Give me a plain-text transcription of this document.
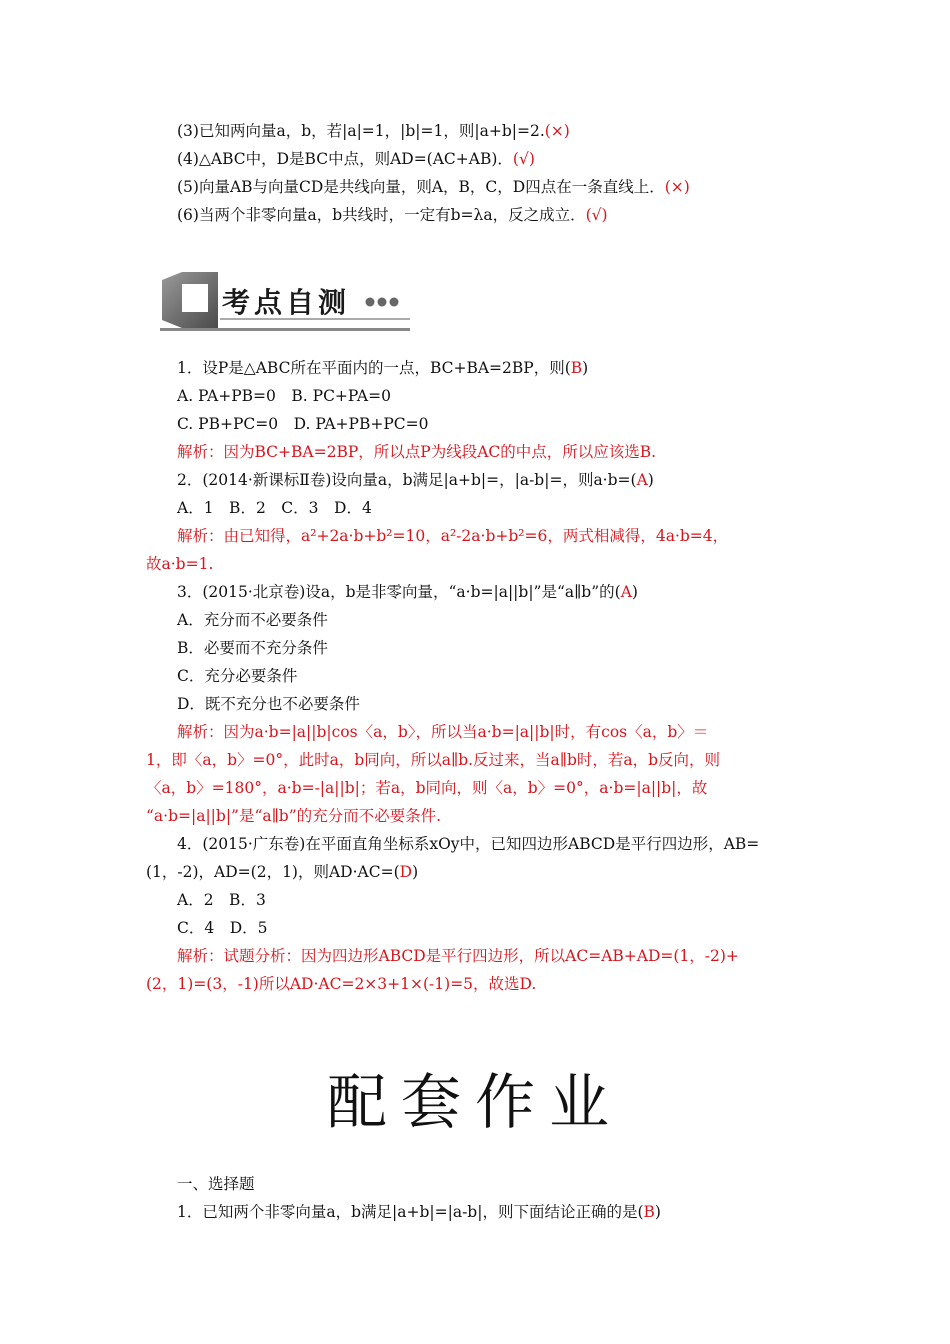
(3)已知两向量a，b，若|a|=1，|b|=1，则|a+b|=2.(×)
(4)△ABC中，D是BC中点，则AD=(AC+AB)．(√)
(5)向量AB与向量CD是共线向量，则A，B，C，D四点在一条直线上．(×)
(6)当两个非零向量a，b共线时，一定有b=λa，反之成立．(√)
考点自测
1．设P是△ABC所在平面内的一点，BC+BA=2BP，则(B)
A. PA+PB=0　B. PC+PA=0
C. PB+PC=0　D. PA+PB+PC=0
解析：因为BC+BA=2BP，所以点P为线段AC的中点，所以应该选B.
2．(2014·新课标Ⅱ卷)设向量a，b满足|a+b|=，|a-b|=，则a·b=(A)
A．1　B．2　C．3　D．4
解析：由已知得，a²+2a·b+b²=10，a²-2a·b+b²=6，两式相减得，4a·b=4，
故a·b=1.
3．(2015·北京卷)设a，b是非零向量，“a·b=|a||b|”是“a∥b”的(A)
A．充分而不必要条件
B．必要而不充分条件
C．充分必要条件
D．既不充分也不必要条件
解析：因为a·b=|a||b|cos〈a，b〉，所以当a·b=|a||b|时，有cos〈a，b〉＝
1，即〈a，b〉=0°，此时a，b同向，所以a∥b.反过来，当a∥b时，若a，b反向，则
〈a，b〉=180°，a·b=-|a||b|；若a，b同向，则〈a，b〉=0°，a·b=|a||b|，故
“a·b=|a||b|”是“a∥b”的充分而不必要条件.
4．(2015·广东卷)在平面直角坐标系xOy中，已知四边形ABCD是平行四边形，AB=
(1，-2)，AD=(2，1)，则AD·AC=(D)
A．2　B．3
C．4　D．5
解析：试题分析：因为四边形ABCD是平行四边形，所以AC=AB+AD=(1，-2)+
(2，1)=(3，-1)所以AD·AC=2×3+1×(-1)=5，故选D.
配套作业
一、选择题
1．已知两个非零向量a，b满足|a+b|=|a-b|，则下面结论正确的是(B)
